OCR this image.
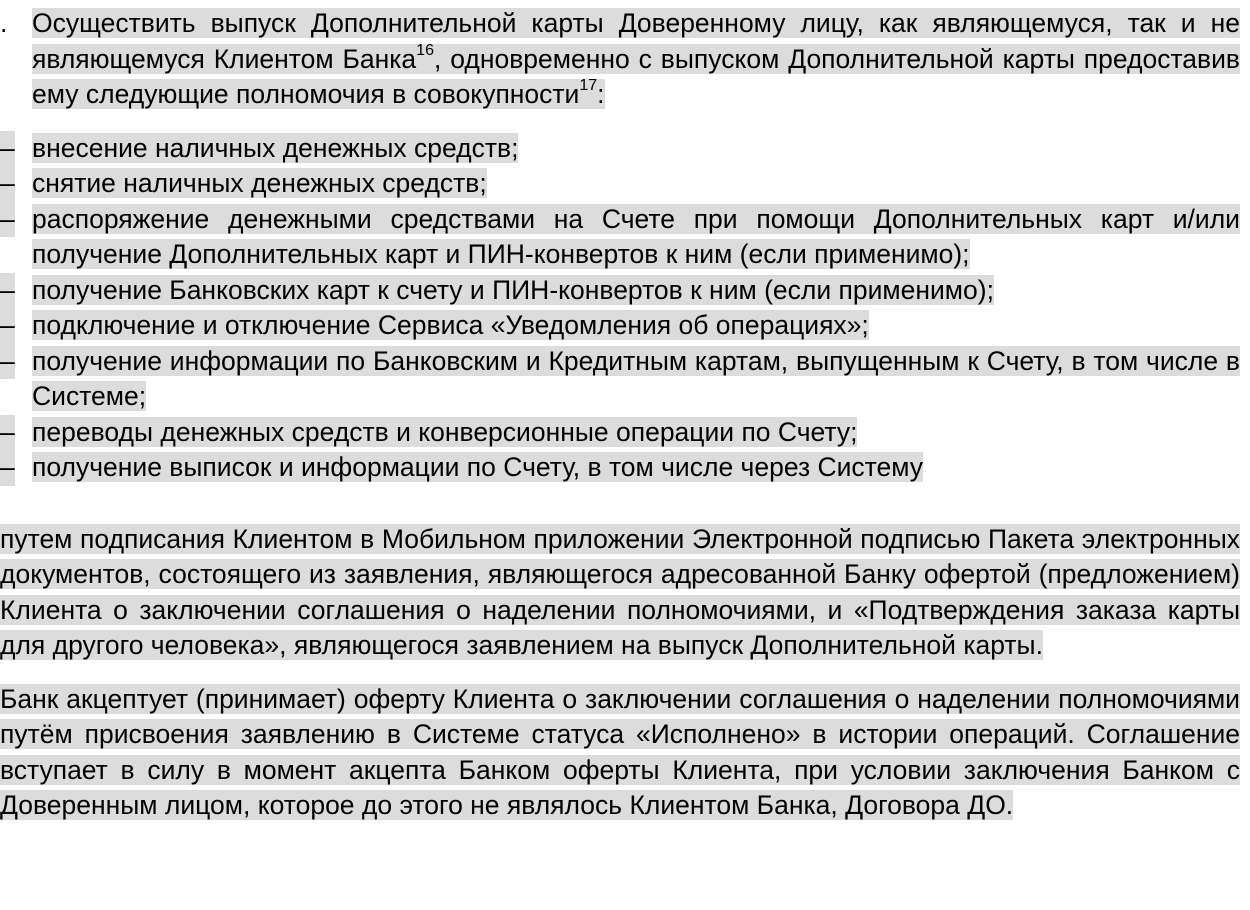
. Осуществить выпуск Дополнительной карты Доверенному лицу, как являющемуся, так и не являющемуся Клиентом Банка$^{16}$, одновременно с выпуском Дополнительной карты предоставив ему следующие полномочия в совокупности$^{17}$:
– внесение наличных денежных средств;
– снятие наличных денежных средств;
– распоряжение денежными средствами на Счете при помощи Дополнительных карт и/или получение Дополнительных карт и ПИН-конвертов к ним (если применимо);
– получение Банковских карт к счету и ПИН-конвертов к ним (если применимо);
– подключение и отключение Сервиса «Уведомления об операциях»;
– получение информации по Банковским и Кредитным картам, выпущенным к Счету, в том числе в Системе;
– переводы денежных средств и конверсионные операции по Счету;
– получение выписок и информации по Счету, в том числе через Систему
путем подписания Клиентом в Мобильном приложении Электронной подписью Пакета электронных документов, состоящего из заявления, являющегося адресованной Банку офертой (предложением) Клиента о заключении соглашения о наделении полномочиями, и «Подтверждения заказа карты для другого человека», являющегося заявлением на выпуск Дополнительной карты.
Банк акцептует (принимает) оферту Клиента о заключении соглашения о наделении полномочиями путём присвоения заявлению в Системе статуса «Исполнено» в истории операций. Соглашение вступает в силу в момент акцепта Банком оферты Клиента, при условии заключения Банком с Доверенным лицом, которое до этого не являлось Клиентом Банка, Договора ДО.
